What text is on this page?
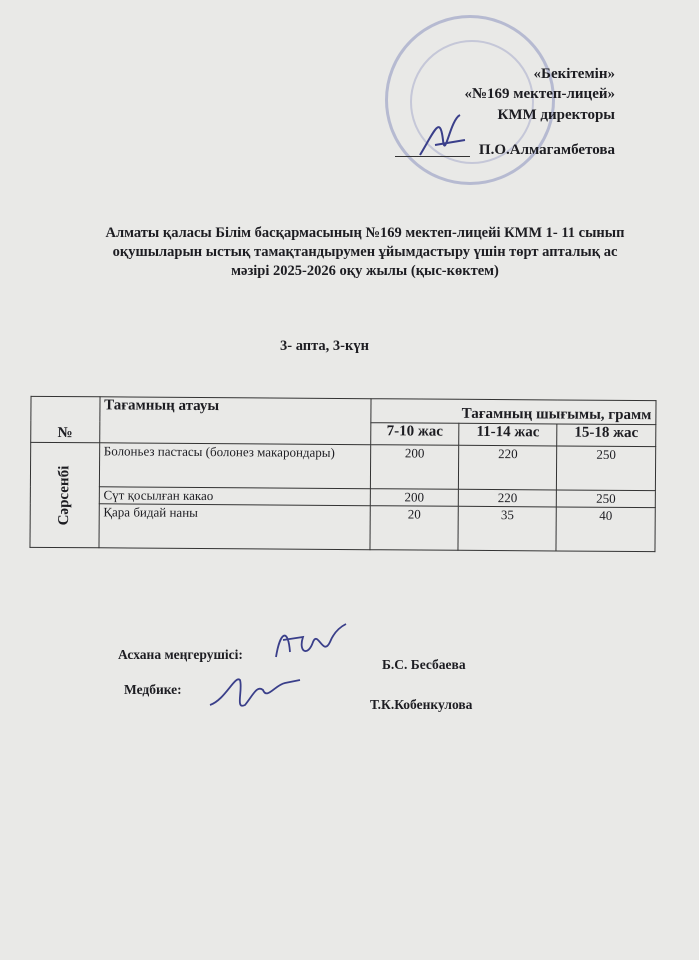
«Бекітемін»
«№169 мектеп-лицей»
КММ директоры
П.О.Алмагамбетова
Алматы қаласы Білім басқармасының №169 мектеп-лицейі КММ 1- 11 сынып
оқушыларын ыстық тамақтандырумен ұйымдастыру үшін төрт апталық ас
мәзірі 2025-2026 оқу жылы (қыс-көктем)
3- апта, 3-күн
№	Тағамның атауы	Тағамның шығымы, грамм		
		7-10 жас	11-14 жас	15-18 жас
Сәрсенбі	Болоньез пастасы (болонез макарондары)	200	220	250
	Сүт қосылған какао	200	220	250
	Қара бидай наны	20	35	40
Асхана меңгерушісі:
Б.С. Бесбаева
Медбике:
Т.К.Кобенкулова
